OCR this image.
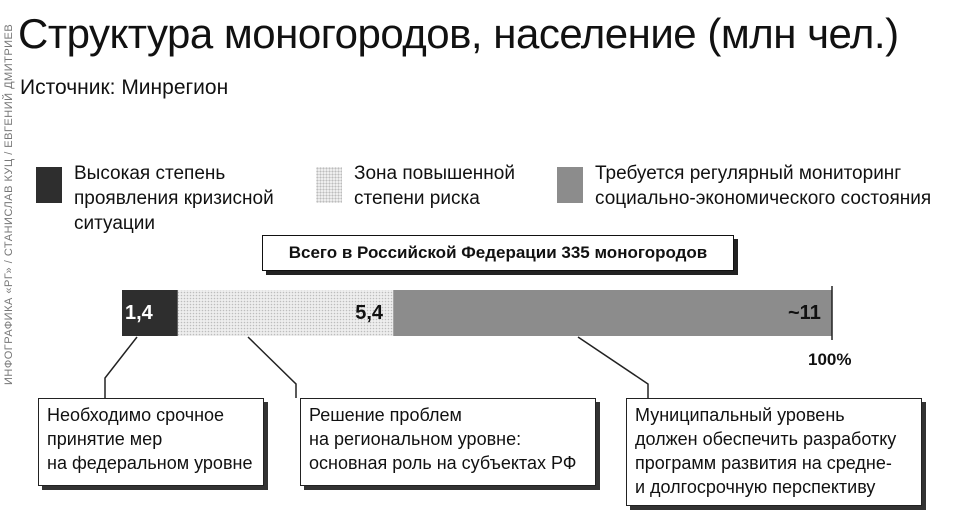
ИНФОГРАФИКА «РГ» / СТАНИСЛАВ КУЦ / ЕВГЕНИЙ ДМИТРИЕВ Структура моногородов, население (млн чел.)
Источник: Минрегион
Высокая степень
проявления кризисной
ситуации
Зона повышенной
степени риска
Требуется регулярный мониторинг
социально-экономического состояния
Всего в Российской Федерации 335 моногородов
1,4	5,4	~11
100%
Необходимо срочное
принятие мер
на федеральном уровне
Решение проблем
на региональном уровне:
основная роль на субъектах РФ
Муниципальный уровень
должен обеспечить разработку
программ развития на средне-
и долгосрочную перспективу
